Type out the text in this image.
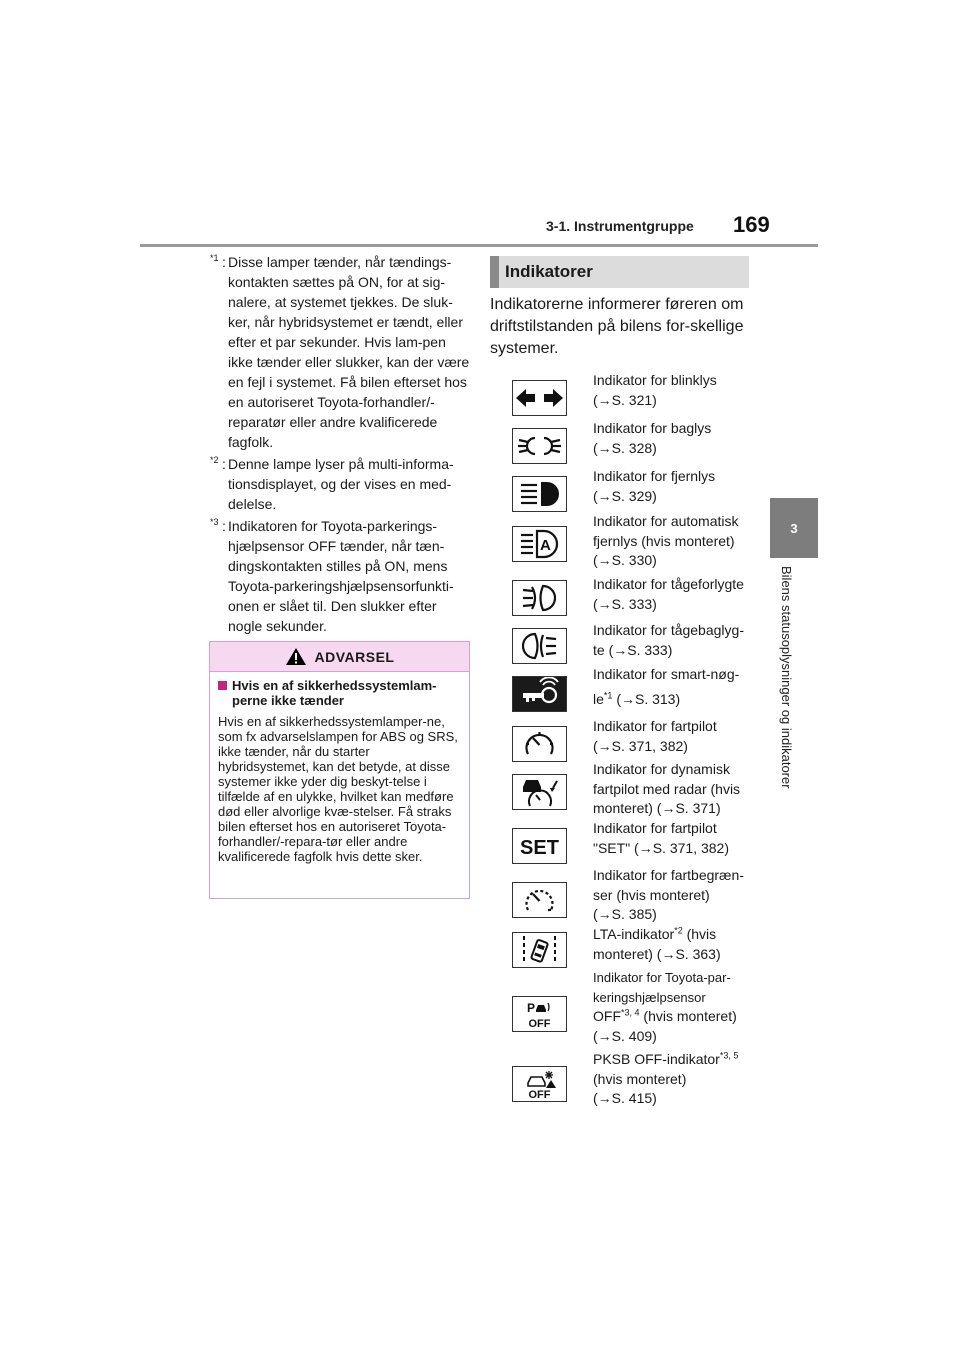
3-1. Instrumentgruppe 169
3
Bilens statusoplysninger og indikatorer
*1 : Disse lamper tænder, når tændings-kontakten sættes på ON, for at sig-nalere, at systemet tjekkes. De sluk-ker, når hybridsystemet er tændt, eller efter et par sekunder. Hvis lam-pen ikke tænder eller slukker, kan der være en fejl i systemet. Få bilen efterset hos en autoriseret Toyota-forhandler/-reparatør eller andre kvalificerede fagfolk.
*2 : Denne lampe lyser på multi-informa-tionsdisplayet, og der vises en med-delelse.
*3 : Indikatoren for Toyota-parkerings-hjælpsensor OFF tænder, når tæn-dingskontakten stilles på ON, mens Toyota-parkeringshjælpsensorfunkti-onen er slået til. Den slukker efter nogle sekunder.
ADVARSEL
Hvis en af sikkerhedssystemlam-perne ikke tænder
Hvis en af sikkerhedssystemlamper-ne, som fx advarselslampen for ABS og SRS, ikke tænder, når du starter hybridsystemet, kan det betyde, at disse systemer ikke yder dig beskyt-telse i tilfælde af en ulykke, hvilket kan medføre død eller alvorlige kvæ-stelser. Få straks bilen efterset hos en autoriseret Toyota-forhandler/-repara-tør eller andre kvalificerede fagfolk hvis dette sker.
Indikatorer
Indikatorerne informerer føreren om driftstilstanden på bilens for-skellige systemer.
Indikator for blinklys
(→S. 321)
Indikator for baglys
(→S. 328)
Indikator for fjernlys
(→S. 329)
A
Indikator for automatisk
fjernlys (hvis monteret)
(→S. 330)
Indikator for tågeforlygte
(→S. 333)
Indikator for tågebaglyg-
te (→S. 333)
Indikator for smart-nøg-
$le^{*1}$ (→S. 313)
Indikator for fartpilot
(→S. 371, 382)
Indikator for dynamisk
fartpilot med radar (hvis
monteret) (→S. 371)
SET
Indikator for fartpilot
"SET" (→S. 371, 382)
Indikator for fartbegræn-
ser (hvis monteret)
(→S. 385)
LTA-indikator$^{*2}$ (hvis
monteret) (→S. 363)
P
OFF
Indikator for Toyota-par-
keringshjælpsensor
OFF$^{*3, 4}$ (hvis monteret)
(→S. 409)
OFF
PKSB OFF-indikator$^{*3, 5}$
(hvis monteret)
(→S. 415)
